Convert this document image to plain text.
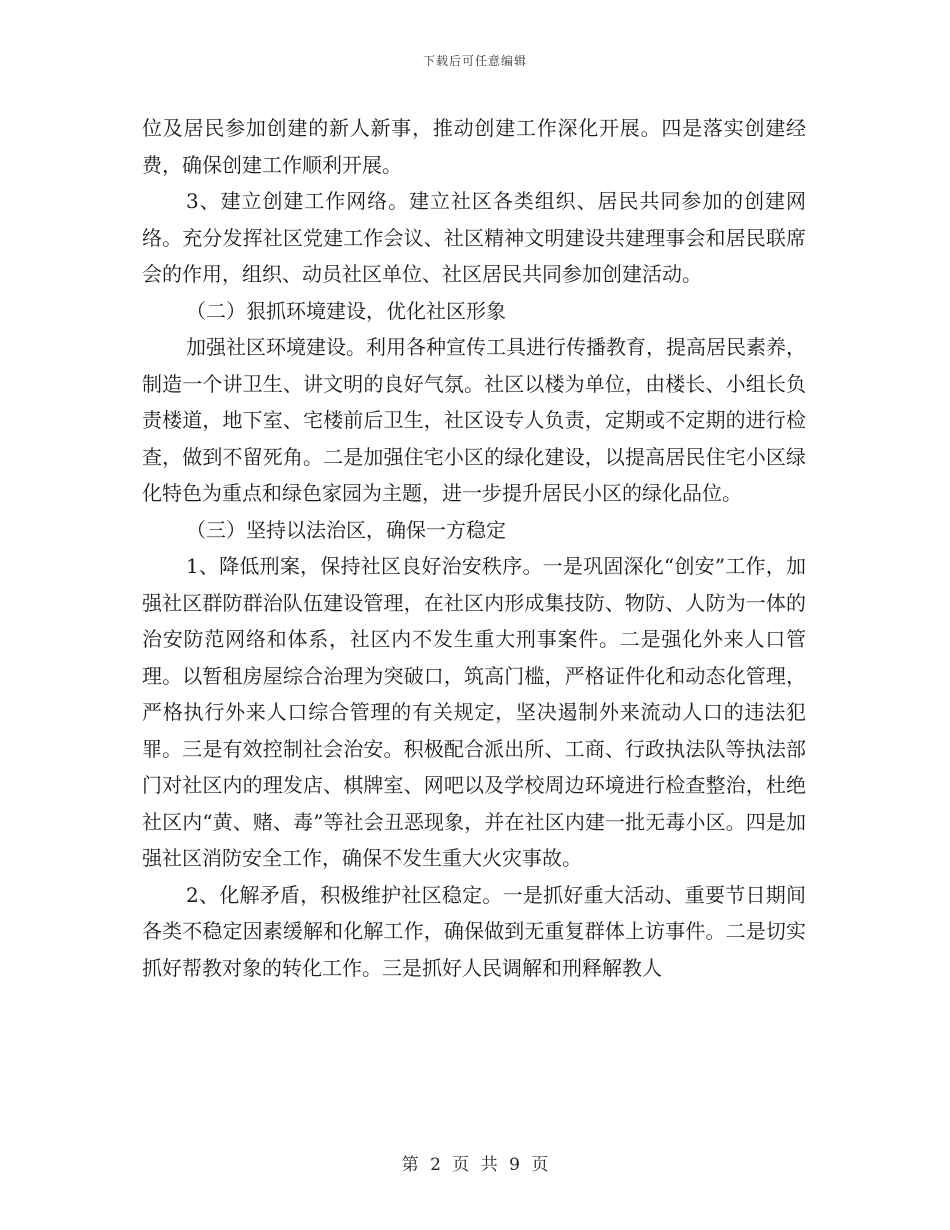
下载后可任意编辑

位及居民参加创建的新人新事，推动创建工作深化开展。四是落实创建经费，确保创建工作顺利开展。

3、建立创建工作网络。建立社区各类组织、居民共同参加的创建网络。充分发挥社区党建工作会议、社区精神文明建设共建理事会和居民联席会的作用，组织、动员社区单位、社区居民共同参加创建活动。

（二）狠抓环境建设，优化社区形象

加强社区环境建设。利用各种宣传工具进行传播教育，提高居民素养，制造一个讲卫生、讲文明的良好气氛。社区以楼为单位，由楼长、小组长负责楼道，地下室、宅楼前后卫生，社区设专人负责，定期或不定期的进行检查，做到不留死角。二是加强住宅小区的绿化建设，以提高居民住宅小区绿化特色为重点和绿色家园为主题，进一步提升居民小区的绿化品位。

（三）坚持以法治区，确保一方稳定

1、降低刑案，保持社区良好治安秩序。一是巩固深化“创安”工作，加强社区群防群治队伍建设管理，在社区内形成集技防、物防、人防为一体的治安防范网络和体系，社区内不发生重大刑事案件。二是强化外来人口管理。以暂租房屋综合治理为突破口，筑高门槛，严格证件化和动态化管理，严格执行外来人口综合管理的有关规定，坚决遏制外来流动人口的违法犯罪。三是有效控制社会治安。积极配合派出所、工商、行政执法队等执法部门对社区内的理发店、棋牌室、网吧以及学校周边环境进行检查整治，杜绝社区内“黄、赌、毒”等社会丑恶现象，并在社区内建一批无毒小区。四是加强社区消防安全工作，确保不发生重大火灾事故。

2、化解矛盾，积极维护社区稳定。一是抓好重大活动、重要节日期间各类不稳定因素缓解和化解工作，确保做到无重复群体上访事件。二是切实抓好帮教对象的转化工作。三是抓好人民调解和刑释解教人

第 2 页 共 9 页
